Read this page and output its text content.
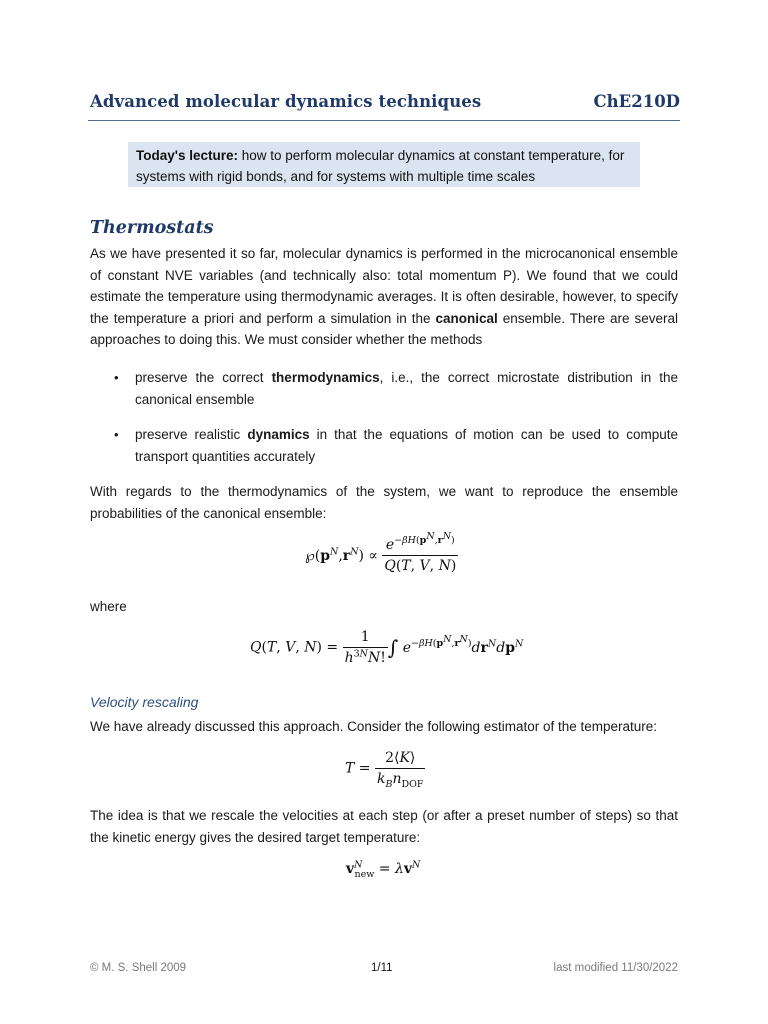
Advanced molecular dynamics techniques	ChE210D
Today's lecture: how to perform molecular dynamics at constant temperature, for systems with rigid bonds, and for systems with multiple time scales
Thermostats
As we have presented it so far, molecular dynamics is performed in the microcanonical ensemble of constant NVE variables (and technically also: total momentum P). We found that we could estimate the temperature using thermodynamic averages. It is often desirable, however, to specify the temperature a priori and perform a simulation in the canonical ensemble. There are several approaches to doing this. We must consider whether the methods
• preserve the correct thermodynamics, i.e., the correct microstate distribution in the canonical ensemble
• preserve realistic dynamics in that the equations of motion can be used to compute transport quantities accurately
With regards to the thermodynamics of the system, we want to reproduce the ensemble probabilities of the canonical ensemble:
$℘(p^N,r^N) \propto \frac{e^{-\beta H(p^N,r^N)}}{Q(T, V, N)}$
where
Q(T, V, $N) = \frac{1}{h^{3N}N!}$ ∫ $e^{-\beta H(p^N,r^N)}dr^Ndp^N$
Velocity rescaling
We have already discussed this approach. Consider the following estimator of the temperature:
$T = \frac{2⟨K⟩}{k_Bn_{DOF}}$
The idea is that we rescale the velocities at each step (or after a preset number of steps) so that the kinetic energy gives the desired target temperature:
$v^N_{new} = \lambda v^N$
© M. S. Shell 2009	1/11	last modified 11/30/2022
